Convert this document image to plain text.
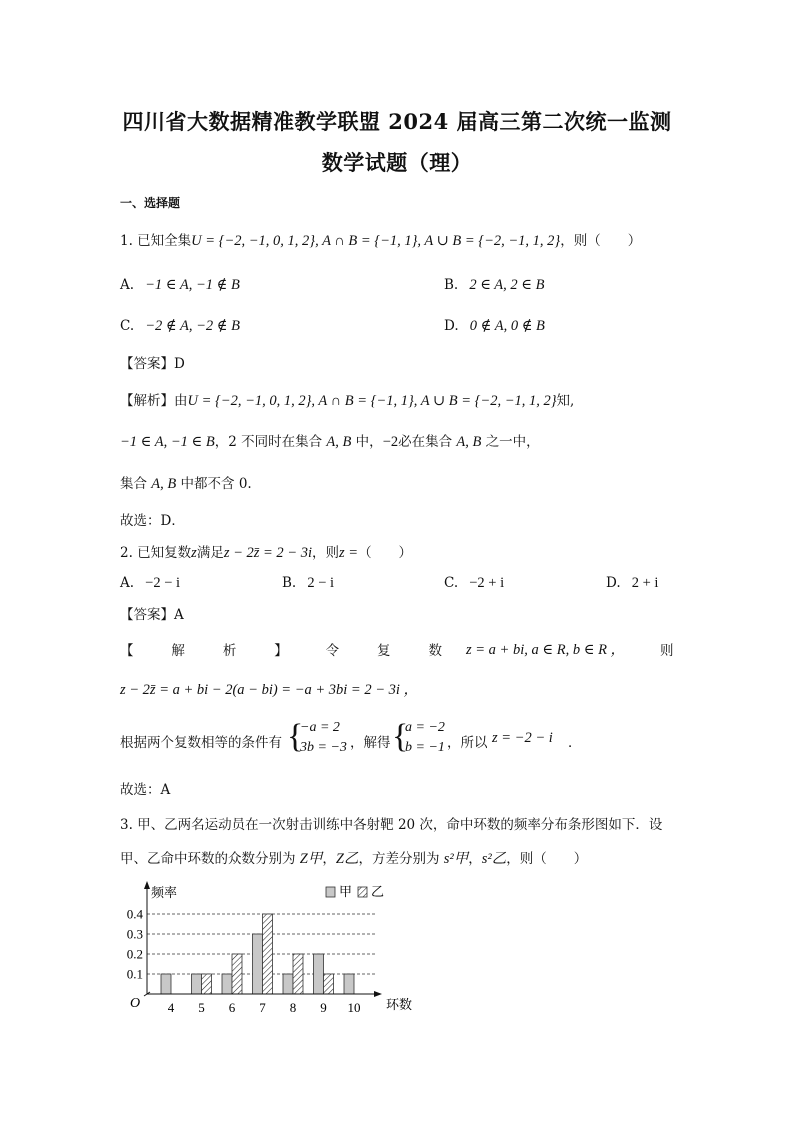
四川省大数据精准教学联盟 2024 届高三第二次统一监测
数学试题（理）
一、选择题
1. 已知全集U = {−2, −1, 0, 1, 2}, A ∩ B = {−1, 1}, A ∪ B = {−2, −1, 1, 2}，则（　　）
A. −1 ∈ A, −1 ∉ B	B. 2 ∈ A, 2 ∈ B
C. −2 ∉ A, −2 ∉ B	D. 0 ∉ A, 0 ∉ B
【答案】D
【解析】由U = {−2, −1, 0, 1, 2}, A ∩ B = {−1, 1}, A ∪ B = {−2, −1, 1, 2}知,
−1 ∈ A, −1 ∈ B，2 不同时在集合 A, B 中，−2必在集合 A, B 之一中，
集合 A, B 中都不含 0.
故选：D．
2. 已知复数z满足z − 2z̄ = 2 − 3i，则z =（　　）
A. −2 − i	B. 2 − i	C. −2 + i	D. 2 + i
【答案】A
【	解	析	】	令	复	数 z = a + bi, a ∈ R, b ∈ R ，	则
z − 2z̄ = a + bi − 2(a − bi) = −a + 3bi = 2 − 3i ，
根据两个复数相等的条件有 {
−a = 2
3b = −3 ，解得 {
a = −2
b = −1 ，所以 z = −2 − i ．
故选：A
3. 甲、乙两名运动员在一次射击训练中各射靶 20 次，命中环数的频率分布条形图如下．设
甲、乙命中环数的众数分别为 Z甲，Z乙，方差分别为 s²甲，s²乙，则（　　）
频率
环数
O
0.1
0.2
0.3
0.4
4 5 6 7 8 9 10
甲 乙
